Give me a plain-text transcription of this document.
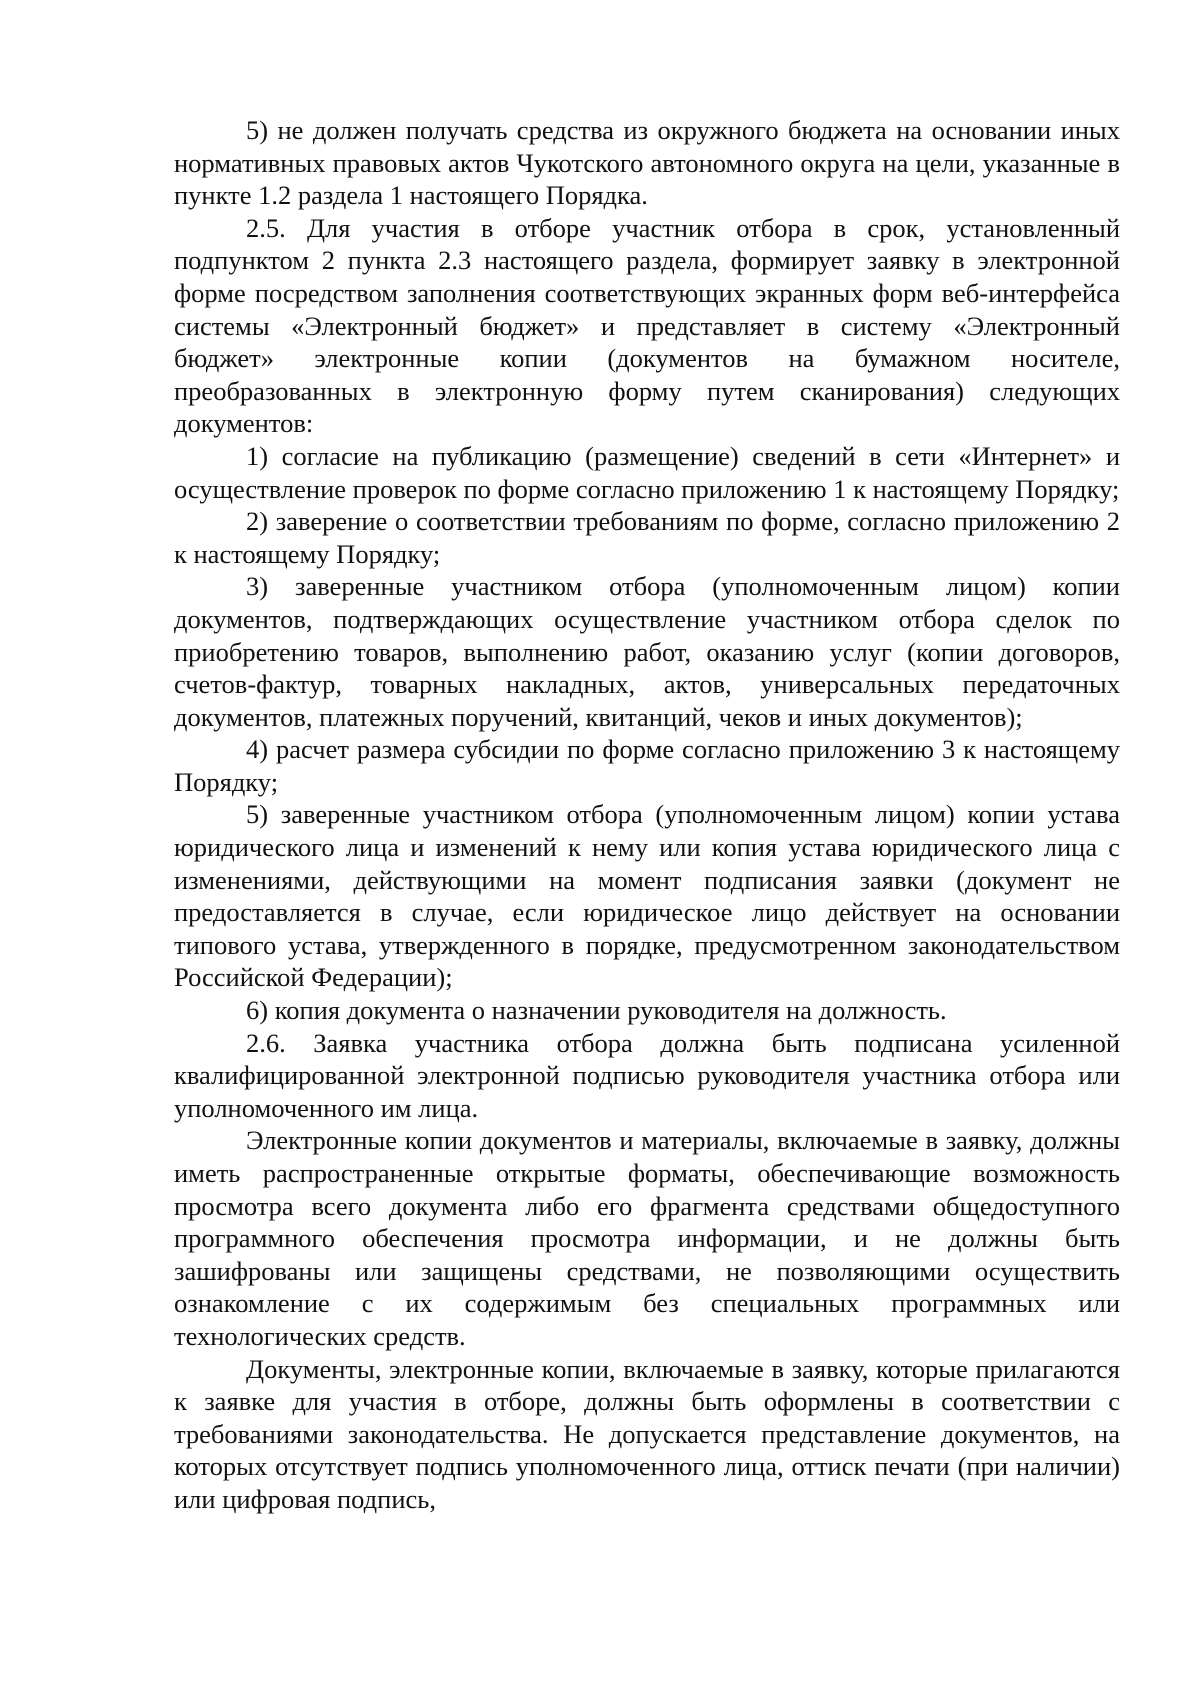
5) не должен получать средства из окружного бюджета на основании иных нормативных правовых актов Чукотского автономного округа на цели, указанные в пункте 1.2 раздела 1 настоящего Порядка.

2.5. Для участия в отборе участник отбора в срок, установленный подпунктом 2 пункта 2.3 настоящего раздела, формирует заявку в электронной форме посредством заполнения соответствующих экранных форм веб-интерфейса системы «Электронный бюджет» и представляет в систему «Электронный бюджет» электронные копии (документов на бумажном носителе, преобразованных в электронную форму путем сканирования) следующих документов:

1) согласие на публикацию (размещение) сведений в сети «Интернет» и осуществление проверок по форме согласно приложению 1 к настоящему Порядку;

2) заверение о соответствии требованиям по форме, согласно приложению 2 к настоящему Порядку;

3) заверенные участником отбора (уполномоченным лицом) копии документов, подтверждающих осуществление участником отбора сделок по приобретению товаров, выполнению работ, оказанию услуг (копии договоров, счетов-фактур, товарных накладных, актов, универсальных передаточных документов, платежных поручений, квитанций, чеков и иных документов);

4) расчет размера субсидии по форме согласно приложению 3 к настоящему Порядку;

5) заверенные участником отбора (уполномоченным лицом) копии устава юридического лица и изменений к нему или копия устава юридического лица с изменениями, действующими на момент подписания заявки (документ не предоставляется в случае, если юридическое лицо действует на основании типового устава, утвержденного в порядке, предусмотренном законодательством Российской Федерации);

6) копия документа о назначении руководителя на должность.

2.6. Заявка участника отбора должна быть подписана усиленной квалифицированной электронной подписью руководителя участника отбора или уполномоченного им лица.

Электронные копии документов и материалы, включаемые в заявку, должны иметь распространенные открытые форматы, обеспечивающие возможность просмотра всего документа либо его фрагмента средствами общедоступного программного обеспечения просмотра информации, и не должны быть зашифрованы или защищены средствами, не позволяющими осуществить ознакомление с их содержимым без специальных программных или технологических средств.

Документы, электронные копии, включаемые в заявку, которые прилагаются к заявке для участия в отборе, должны быть оформлены в соответствии с требованиями законодательства. Не допускается представление документов, на которых отсутствует подпись уполномоченного лица, оттиск печати (при наличии) или цифровая подпись,
